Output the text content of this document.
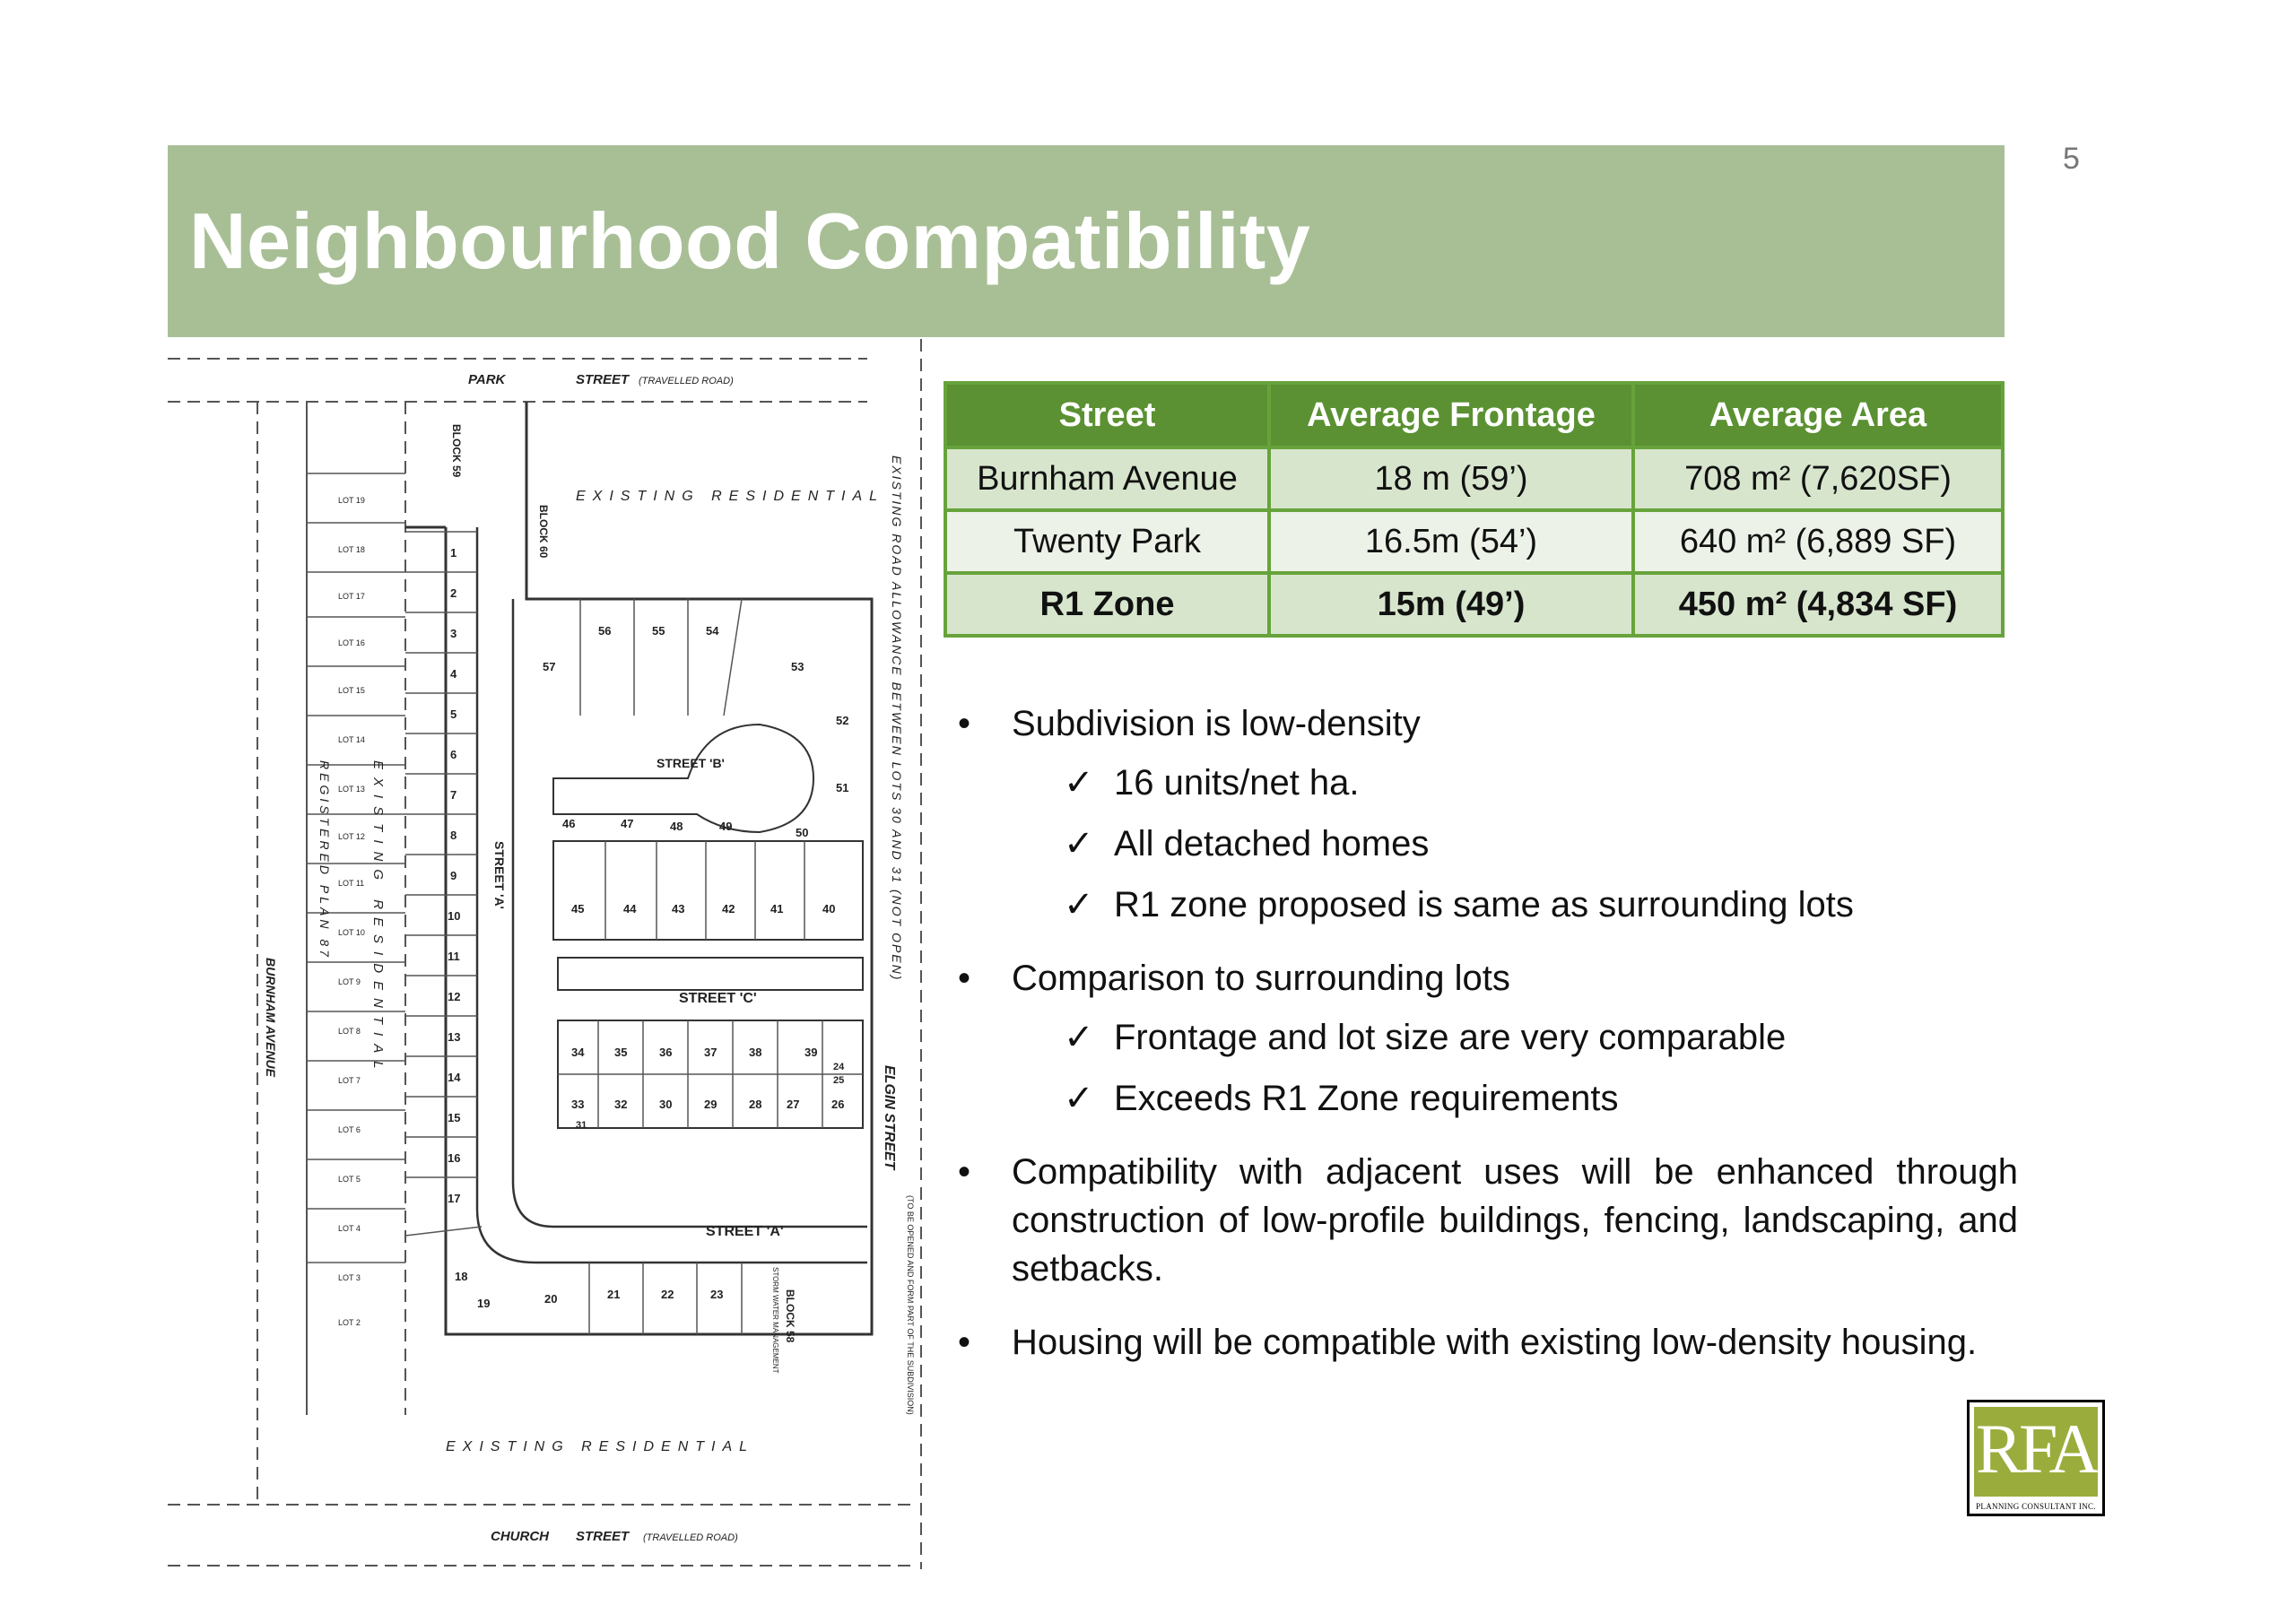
5
Neighbourhood Compatibility
PARK	STREET (TRAVELLED ROAD)
CHURCH STREET (TRAVELLED ROAD)
EXISTING RESIDENTIAL
EXISTING RESIDENTIAL
STREET 'B'
STREET 'C'
STREET 'A'
STREET 'A'
BURNHAM AVENUE
ELGIN STREET
(TO BE OPENED AND FORM PART OF THE SUBDIVISION)
EXISTING ROAD ALLOWANCE BETWEEN LOTS 30 AND 31 (NOT OPEN)
REGISTERED PLAN 87	EXISTING RESIDENTIAL
BLOCK 59
BLOCK 60
BLOCK 58
STORM WATER MANAGEMENT
LOT 19
LOT 18
LOT 17
LOT 16
LOT 15
LOT 14
LOT 13
LOT 12
LOT 11
LOT 10
LOT 9
LOT 8
LOT 7
LOT 6
LOT 5
LOT 4
LOT 3
LOT 2
1
2
3
4
5
6
7
8
9
10
11
12
13
14
15
16
17
18
19	20	21	22	23
57
56	55	54
53
46	47	48	49	50
51
52
45	44	43	42	41	40
34	35	36	37	38	39
33	32
31
30	29	28 27	26
25
24
Street	Average Frontage	Average Area
Burnham Avenue	18 m (59’)	708 m² (7,620SF)
Twenty Park	16.5m (54’)	640 m² (6,889 SF)
R1 Zone	15m (49’)	450 m² (4,834 SF)
• Subdivision is low-density
✓ 16 units/net ha.
✓ All detached homes
✓ R1 zone proposed is same as surrounding lots
• Comparison to surrounding lots
✓ Frontage and lot size are very comparable
✓ Exceeds R1 Zone requirements
• Compatibility with adjacent uses will be enhanced through construction of low-profile buildings, fencing, landscaping, and setbacks.
• Housing will be compatible with existing low-density housing.
RFA
PLANNING CONSULTANT INC.
